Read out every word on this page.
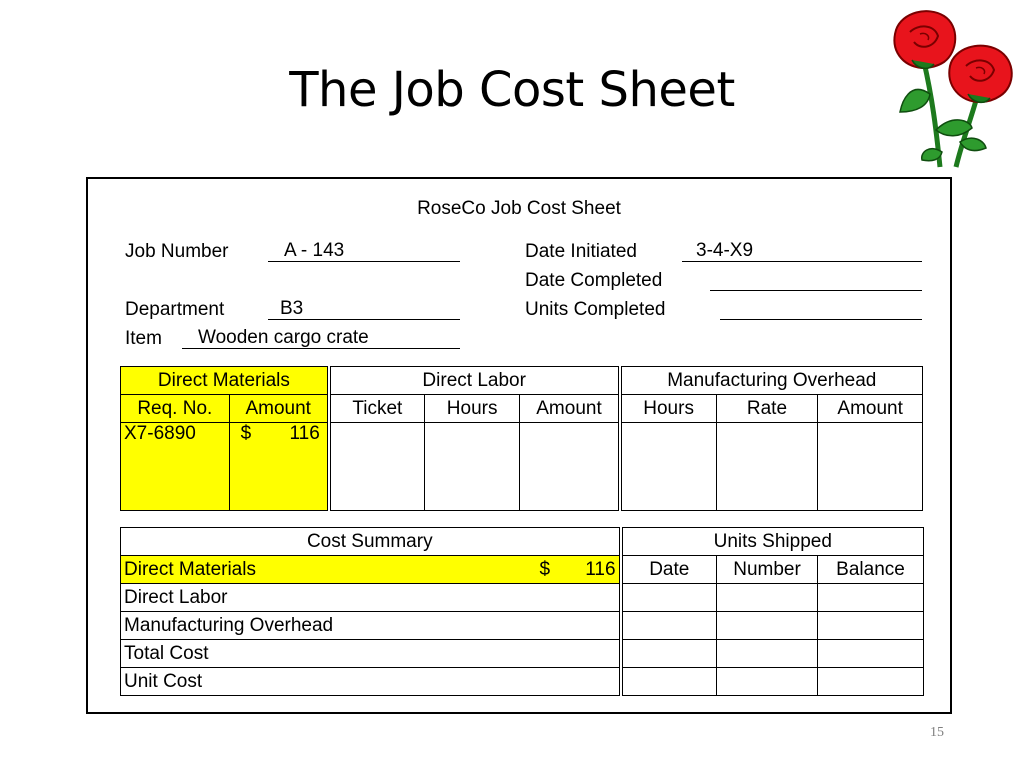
The Job Cost Sheet
RoseCo Job Cost Sheet
Job Number	A - 143
Department	B3
Item Wooden cargo crate
Date Initiated	3-4-X9
Date Completed
Units Completed
Direct Materials		Direct Labor			Manufacturing Overhead		
Req. No.	Amount	Ticket	Hours	Amount	Hours	Rate	Amount
X7-6890	$ 116						

Cost Summary		Units Shipped		
Direct Materials	$ 116	Date	Number	Balance
Direct Labor				
Manufacturing Overhead				
Total Cost				
Unit Cost				
15
